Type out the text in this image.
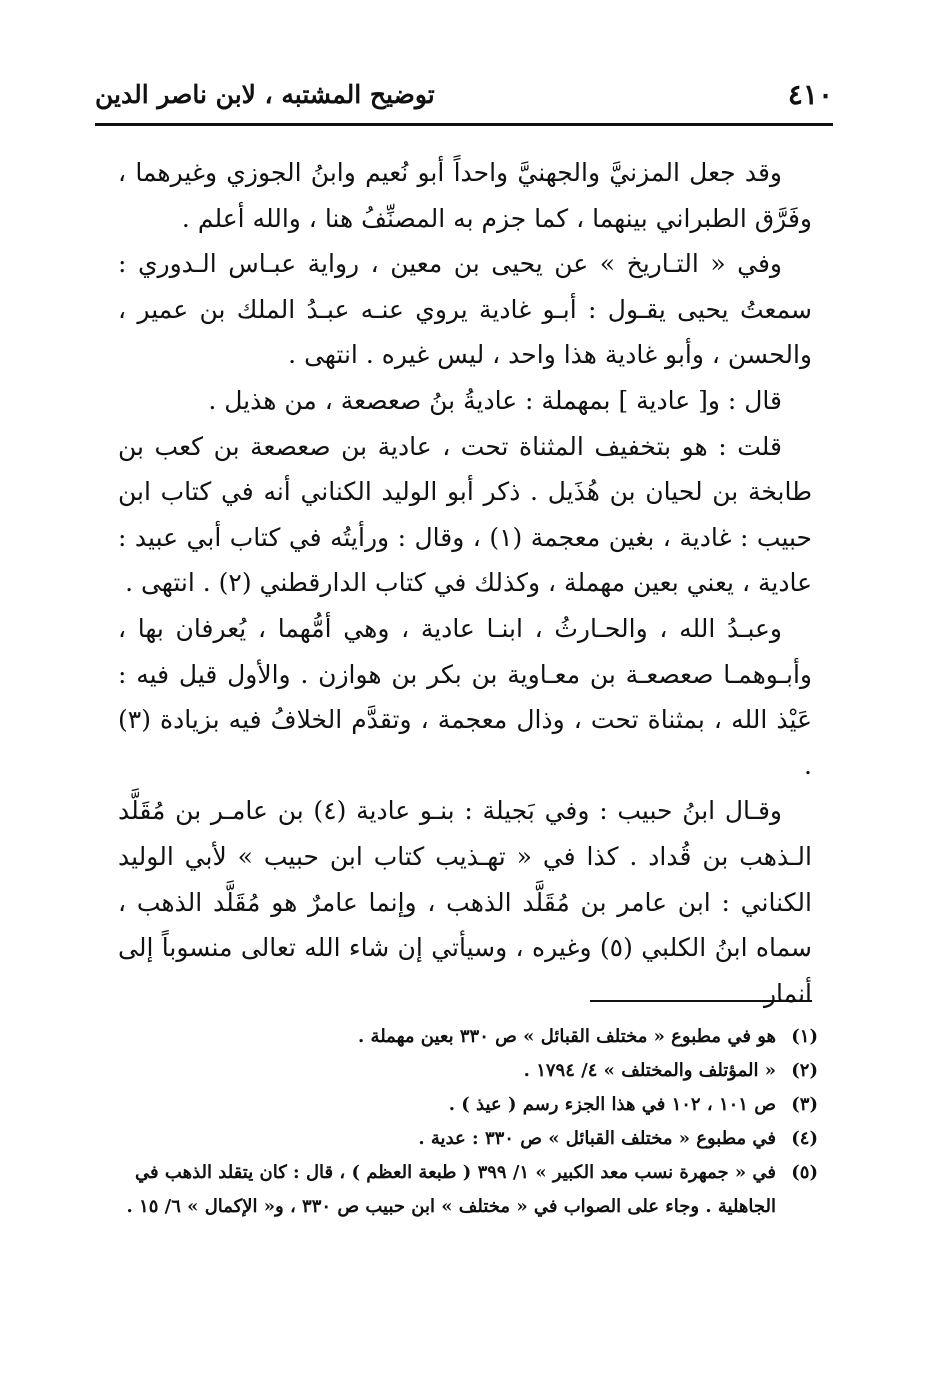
٤١٠
توضيح المشتبه ، لابن ناصر الدين

وقد جعل المزنيَّ والجهنيَّ واحداً أبو نُعيم وابنُ الجوزي وغيرهما ، وفَرَّق الطبراني بينهما ، كما جزم به المصنِّفُ هنا ، والله أعلم .

وفي « التـاريخ » عن يحيى بن معين ، رواية عبـاس الـدوري : سمعتُ يحيى يقـول : أبـو غادية يروي عنـه عبـدُ الملك بن عمير ، والحسن ، وأبو غادية هذا واحد ، ليس غيره . انتهى .

قال : و[ عادية ] بمهملة : عاديةُ بنُ صعصعة ، من هذيل .

قلت : هو بتخفيف المثناة تحت ، عادية بن صعصعة بن كعب بن طابخة بن لحيان بن هُذَيل . ذكر أبو الوليد الكناني أنه في كتاب ابن حبيب : غادية ، بغين معجمة (١) ، وقال : ورأيتُه في كتاب أبي عبيد : عادية ، يعني بعين مهملة ، وكذلك في كتاب الدارقطني (٢) . انتهى .

وعبـدُ الله ، والحـارثُ ، ابنـا عادية ، وهي أمُّهما ، يُعرفان بها ، وأبـوهمـا صعصعـة بن معـاوية بن بكر بن هوازن . والأول قيل فيه : عَيْذ الله ، بمثناة تحت ، وذال معجمة ، وتقدَّم الخلافُ فيه بزيادة (٣) .

وقـال ابنُ حبيب : وفي بَجيلة : بنـو عادية (٤) بن عامـر بن مُقَلَّد الـذهب بن قُداد . كذا في « تهـذيب كتاب ابن حبيب » لأبي الوليد الكناني : ابن عامر بن مُقَلَّد الذهب ، وإنما عامرٌ هو مُقَلَّد الذهب ، سماه ابنُ الكلبي (٥) وغيره ، وسيأتي إن شاء الله تعالى منسوباً إلى أنمار

(١)
هو في مطبوع « مختلف القبائل » ص ٣٣٠ بعين مهملة .
(٢)
« المؤتلف والمختلف » ٤/ ١٧٩٤ .
(٣)
ص ١٠١ ، ١٠٢ في هذا الجزء رسم ( عيذ ) .
(٤)
في مطبوع « مختلف القبائل » ص ٣٣٠ : عدية .
(٥)
في « جمهرة نسب معد الكبير » ١/ ٣٩٩ ( طبعة العظم ) ، قال : كان يتقلد الذهب في الجاهلية . وجاء على الصواب في « مختلف » ابن حبيب ص ٣٣٠ ، و« الإكمال » ٦/ ١٥ .
